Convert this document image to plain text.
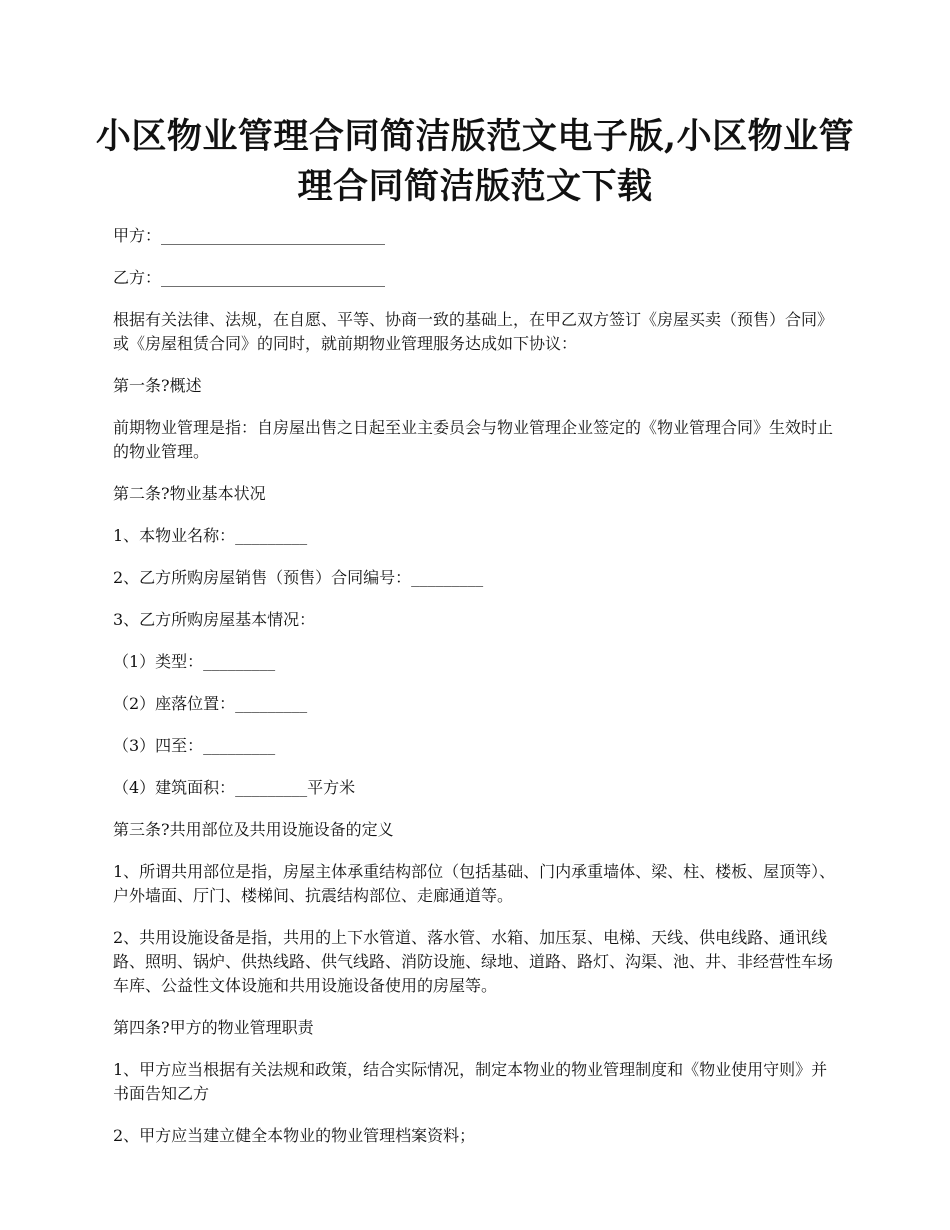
小区物业管理合同简洁版范文电子版,小区物业管理合同简洁版范文下载

甲方：____________________________

乙方：____________________________

根据有关法律、法规，在自愿、平等、协商一致的基础上，在甲乙双方签订《房屋买卖（预售）合同》或《房屋租赁合同》的同时，就前期物业管理服务达成如下协议：

第一条?概述

前期物业管理是指：自房屋出售之日起至业主委员会与物业管理企业签定的《物业管理合同》生效时止的物业管理。

第二条?物业基本状况

1、本物业名称：_________

2、乙方所购房屋销售（预售）合同编号：_________

3、乙方所购房屋基本情况：

（1）类型：_________

（2）座落位置：_________

（3）四至：_________

（4）建筑面积：_________平方米

第三条?共用部位及共用设施设备的定义

1、所谓共用部位是指，房屋主体承重结构部位（包括基础、门内承重墙体、梁、柱、楼板、屋顶等）、户外墙面、厅门、楼梯间、抗震结构部位、走廊通道等。

2、共用设施设备是指，共用的上下水管道、落水管、水箱、加压泵、电梯、天线、供电线路、通讯线路、照明、锅炉、供热线路、供气线路、消防设施、绿地、道路、路灯、沟渠、池、井、非经营性车场车库、公益性文体设施和共用设施设备使用的房屋等。

第四条?甲方的物业管理职责

1、甲方应当根据有关法规和政策，结合实际情况，制定本物业的物业管理制度和《物业使用守则》并书面告知乙方

2、甲方应当建立健全本物业的物业管理档案资料；
